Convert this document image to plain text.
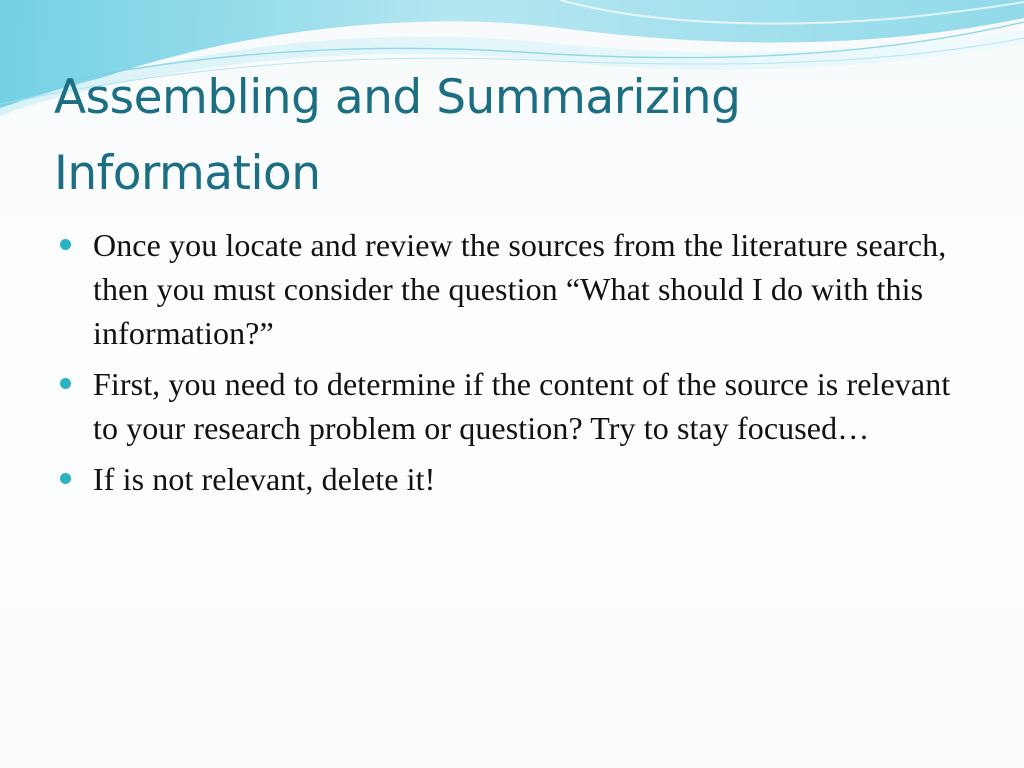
Assembling and Summarizing Information
Once you locate and review the sources from the literature search, then you must consider the question “What should I do with this information?”
First, you need to determine if the content of the source is relevant to your research problem or question? Try to stay focused…
If is not relevant, delete it!
